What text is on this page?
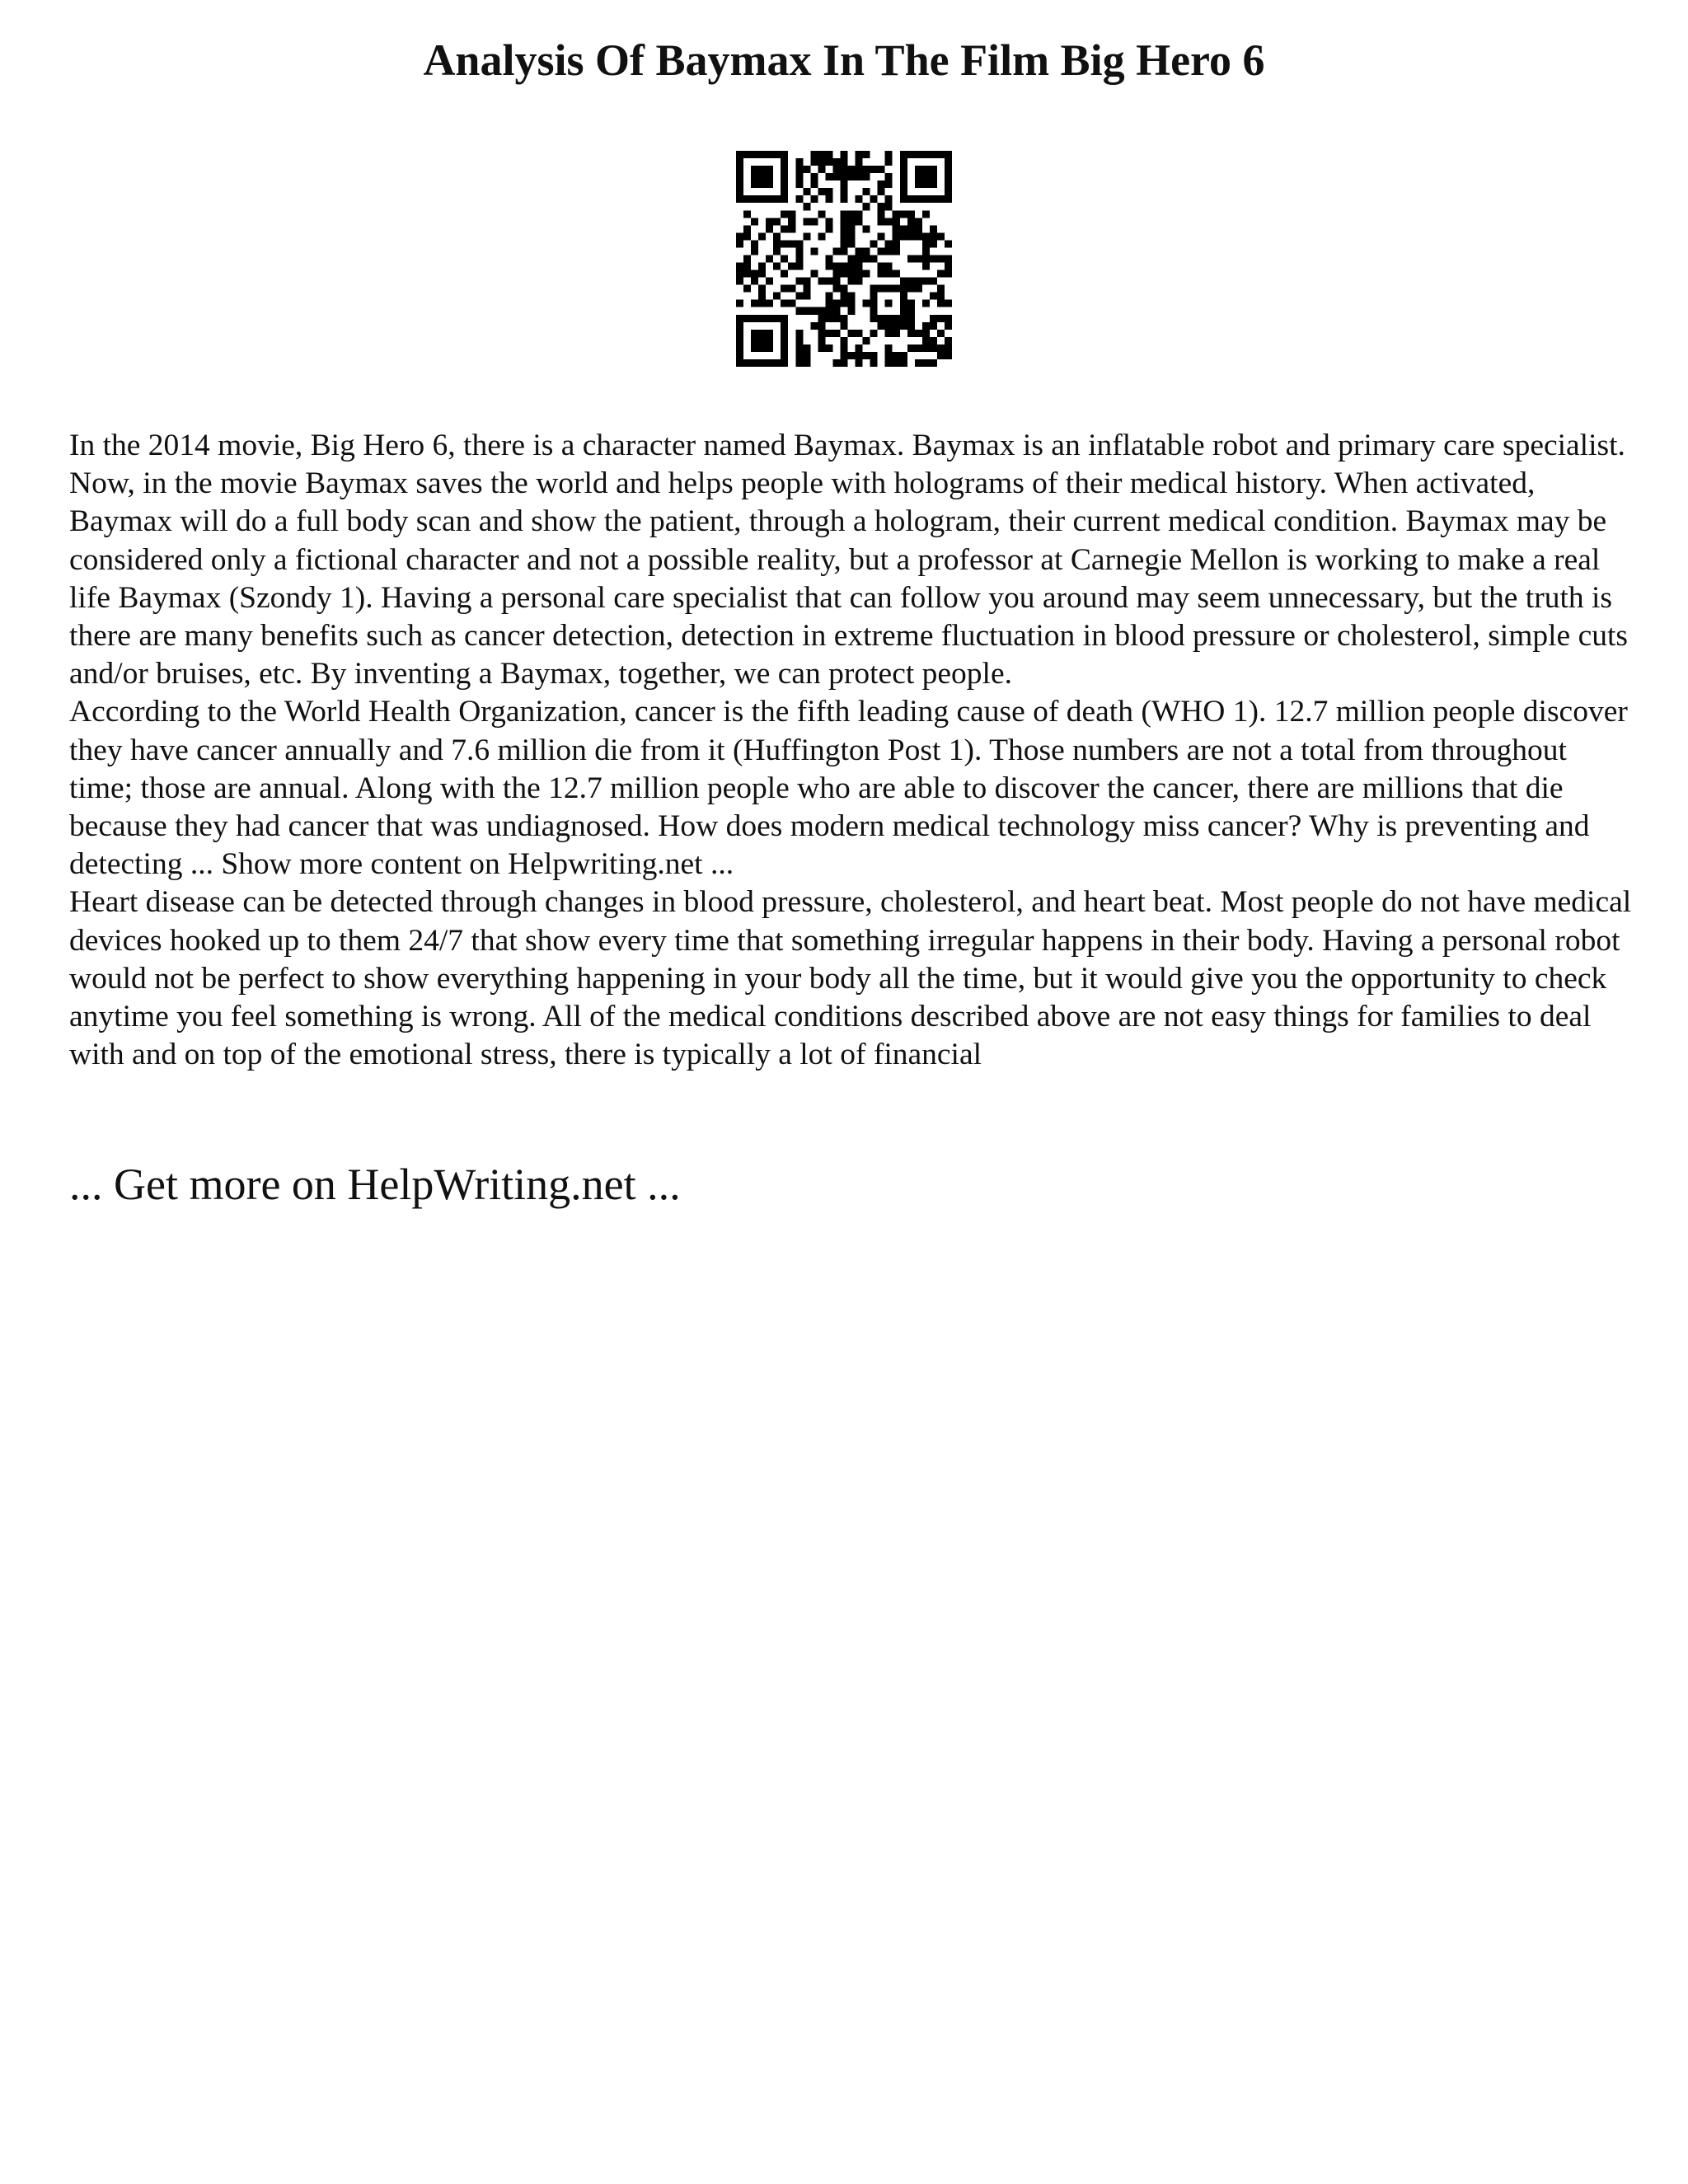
Analysis Of Baymax In The Film Big Hero 6

In the 2014 movie, Big Hero 6, there is a character named Baymax. Baymax is an inflatable robot and primary care specialist. Now, in the movie Baymax saves the world and helps people with holograms of their medical history. When activated, Baymax will do a full body scan and show the patient, through a hologram, their current medical condition. Baymax may be considered only a fictional character and not a possible reality, but a professor at Carnegie Mellon is working to make a real life Baymax (Szondy 1). Having a personal care specialist that can follow you around may seem unnecessary, but the truth is there are many benefits such as cancer detection, detection in extreme fluctuation in blood pressure or cholesterol, simple cuts and/or bruises, etc. By inventing a Baymax, together, we can protect people.

According to the World Health Organization, cancer is the fifth leading cause of death (WHO 1). 12.7 million people discover they have cancer annually and 7.6 million die from it (Huffington Post 1). Those numbers are not a total from throughout time; those are annual. Along with the 12.7 million people who are able to discover the cancer, there are millions that die because they had cancer that was undiagnosed. How does modern medical technology miss cancer? Why is preventing and detecting ... Show more content on Helpwriting.net ...

Heart disease can be detected through changes in blood pressure, cholesterol, and heart beat. Most people do not have medical devices hooked up to them 24/7 that show every time that something irregular happens in their body. Having a personal robot would not be perfect to show everything happening in your body all the time, but it would give you the opportunity to check anytime you feel something is wrong. All of the medical conditions described above are not easy things for families to deal with and on top of the emotional stress, there is typically a lot of financial

... Get more on HelpWriting.net ...
